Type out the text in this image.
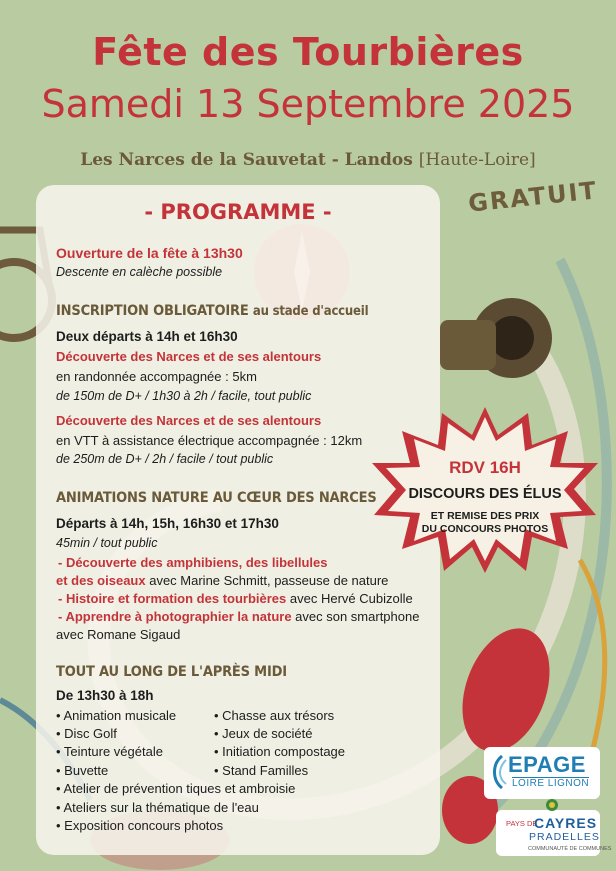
Fête des Tourbières
Samedi 13 Septembre 2025
Les Narces de la Sauvetat - Landos [Haute-Loire]
GRATUIT
- PROGRAMME -
Ouverture de la fête à 13h30
Descente en calèche possible
INSCRIPTION OBLIGATOIRE au stade d'accueil
Deux départs à 14h et 16h30
Découverte des Narces et de ses alentours
en randonnée accompagnée : 5km
de 150m de D+ / 1h30 à 2h / facile, tout public
Découverte des Narces et de ses alentours
en VTT à assistance électrique accompagnée : 12km
de 250m de D+ / 2h / facile / tout public
ANIMATIONS NATURE AU CŒUR DES NARCES
Départs à 14h, 15h, 16h30 et 17h30
45min / tout public
- Découverte des amphibiens, des libellules
et des oiseaux avec Marine Schmitt, passeuse de nature
- Histoire et formation des tourbières avec Hervé Cubizolle
- Apprendre à photographier la nature avec son smartphone
avec Romane Sigaud
TOUT AU LONG DE L'APRÈS MIDI
De 13h30 à 18h
• Animation musicale
• Disc Golf
• Teinture végétale
• Buvette
• Chasse aux trésors
• Jeux de société
• Initiation compostage
• Stand Familles
• Atelier de prévention tiques et ambroisie
• Ateliers sur la thématique de l'eau
• Exposition concours photos
RDV 16H
DISCOURS DES ÉLUS
ET REMISE DES PRIX
DU CONCOURS PHOTOS
EPAGE
LOIRE LIGNON
PAYS DE
CAYRES
PRADELLES
COMMUNAUTÉ DE COMMUNES
